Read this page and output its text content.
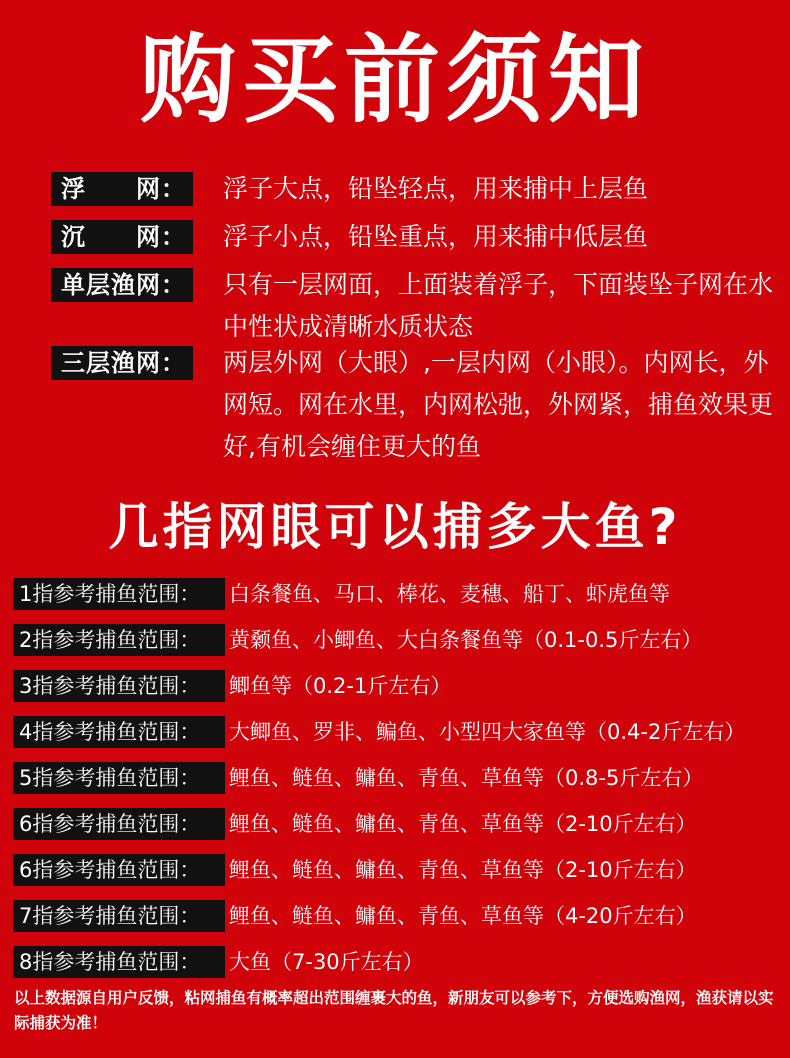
购买前须知
浮　　网： 浮子大点，铅坠轻点，用来捕中上层鱼
沉　　网： 浮子小点，铅坠重点，用来捕中低层鱼
单层渔网： 只有一层网面，上面装着浮子，下面装坠子网在水中性状成清晰水质状态
三层渔网： 两层外网（大眼）,一层内网（小眼）。内网长，外网短。网在水里，内网松弛，外网紧，捕鱼效果更好,有机会缠住更大的鱼
几指网眼可以捕多大鱼?
1指参考捕鱼范围：	白条餐鱼、马口、棒花、麦穗、船丁、虾虎鱼等
2指参考捕鱼范围：	黄颡鱼、小鲫鱼、大白条餐鱼等（0.1-0.5斤左右）
3指参考捕鱼范围：	鲫鱼等（0.2-1斤左右）
4指参考捕鱼范围：	大鲫鱼、罗非、鳊鱼、小型四大家鱼等（0.4-2斤左右）
5指参考捕鱼范围：	鲤鱼、鲢鱼、鳙鱼、青鱼、草鱼等（0.8-5斤左右）
6指参考捕鱼范围：	鲤鱼、鲢鱼、鳙鱼、青鱼、草鱼等（2-10斤左右）
6指参考捕鱼范围：	鲤鱼、鲢鱼、鳙鱼、青鱼、草鱼等（2-10斤左右）
7指参考捕鱼范围：	鲤鱼、鲢鱼、鳙鱼、青鱼、草鱼等（4-20斤左右）
8指参考捕鱼范围：	大鱼（7-30斤左右）
以上数据源自用户反馈，粘网捕鱼有概率超出范围缠裹大的鱼，新朋友可以参考下，方便选购渔网，渔获请以实际捕获为准！
